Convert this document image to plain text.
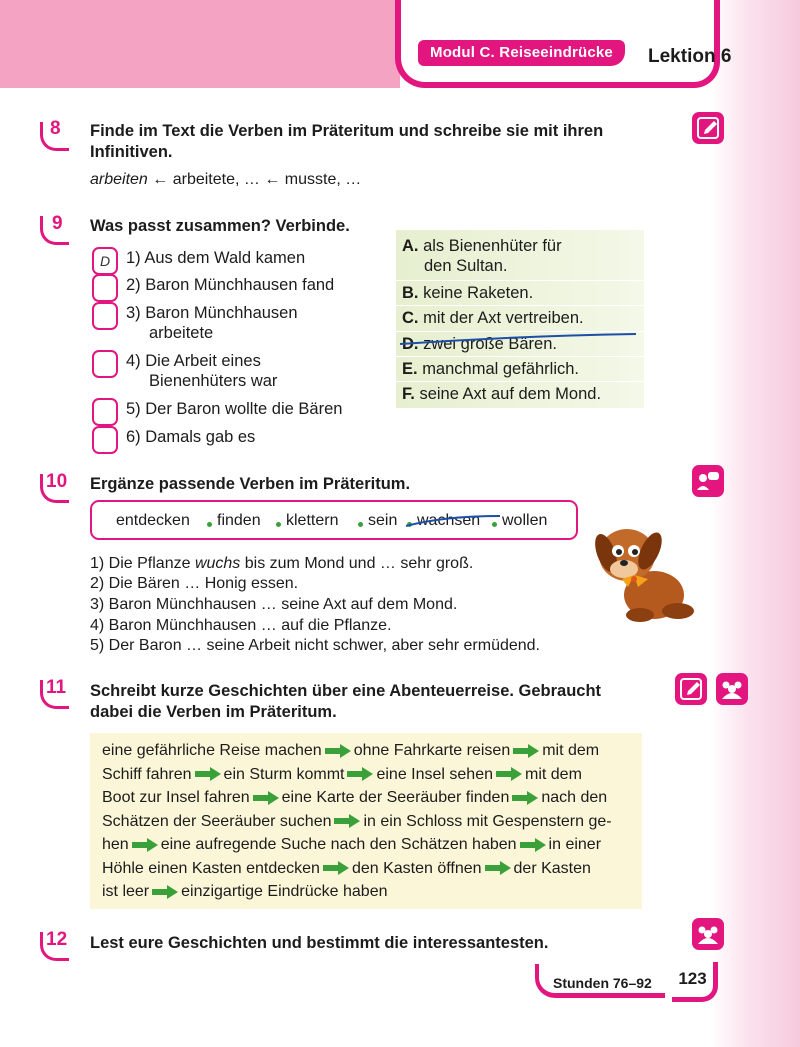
Modul C. Reiseeindrücke	Lektion 6
8 Finde im Text die Verben im Präteritum und schreibe sie mit ihren
Infinitiven.
arbeiten ← arbeitete, … ← musste, …
9 Was passt zusammen? Verbinde.
D 1) Aus dem Wald kamen
2) Baron Münchhausen fand
3) Baron Münchhausen
arbeitete
4) Die Arbeit eines
Bienenhüters war
5) Der Baron wollte die Bären
6) Damals gab es
A. als Bienenhüter für
den Sultan.
B. keine Raketen.
C. mit der Axt vertreiben.
D. zwei große Bären.
E. manchmal gefährlich.
F. seine Axt auf dem Mond.
10 Ergänze passende Verben im Präteritum.
entdecken finden klettern sein wachsen wollen
1) Die Pflanze wuchs bis zum Mond und … sehr groß.
2) Die Bären … Honig essen.
3) Baron Münchhausen … seine Axt auf dem Mond.
4) Baron Münchhausen … auf die Pflanze.
5) Der Baron … seine Arbeit nicht schwer, aber sehr ermüdend.
11 Schreibt kurze Geschichten über eine Abenteuerreise. Gebraucht
dabei die Verben im Präteritum.
eine gefährliche Reise machen ohne Fahrkarte reisen mit dem
Schiff fahren ein Sturm kommt eine Insel sehen mit dem
Boot zur Insel fahren eine Karte der Seeräuber finden nach den
Schätzen der Seeräuber suchen in ein Schloss mit Gespenstern ge-
hen eine aufregende Suche nach den Schätzen haben in einer
Höhle einen Kasten entdecken den Kasten öffnen der Kasten
ist leer einzigartige Eindrücke haben
12 Lest eure Geschichten und bestimmt die interessantesten.
Stunden 76–92	123
